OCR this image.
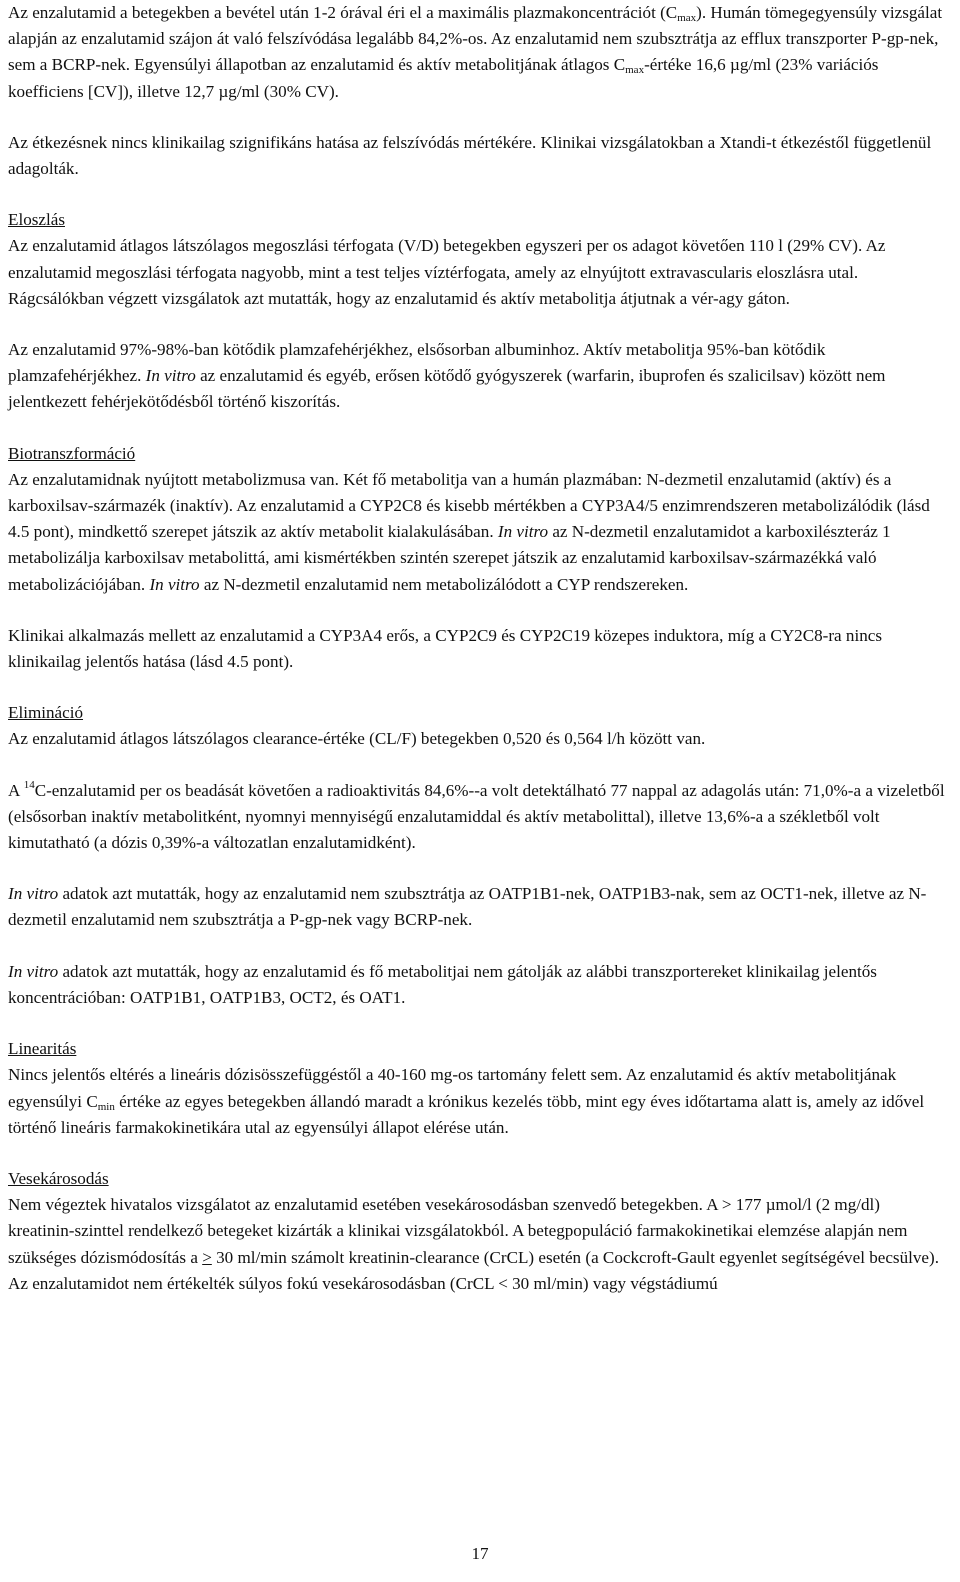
Az enzalutamid a betegekben a bevétel után 1-2 órával éri el a maximális plazmakoncentrációt $(C_{max})$. Humán tömegegyensúly vizsgálat alapján az enzalutamid szájon át való felszívódása legalább 84,2%-os. Az enzalutamid nem szubsztrátja az efflux transzporter P-gp-nek, sem a BCRP-nek. Egyensúlyi állapotban az enzalutamid és aktív metabolitjának átlagos $C_{max}$-értéke 16,6 µg/ml (23% variációs koefficiens [CV]), illetve 12,7 µg/ml (30% CV).

Az étkezésnek nincs klinikailag szignifikáns hatása az felszívódás mértékére. Klinikai vizsgálatokban a Xtandi-t étkezéstől függetlenül adagolták.

Eloszlás

Az enzalutamid átlagos látszólagos megoszlási térfogata (V/D) betegekben egyszeri per os adagot követően 110 l (29% CV). Az enzalutamid megoszlási térfogata nagyobb, mint a test teljes víztérfogata, amely az elnyújtott extravascularis eloszlásra utal. Rágcsálókban végzett vizsgálatok azt mutatták, hogy az enzalutamid és aktív metabolitja átjutnak a vér-agy gáton.

Az enzalutamid 97%-98%-ban kötődik plamzafehérjékhez, elsősorban albuminhoz. Aktív metabolitja 95%-ban kötődik plamzafehérjékhez. In vitro az enzalutamid és egyéb, erősen kötődő gyógyszerek (warfarin, ibuprofen és szalicilsav) között nem jelentkezett fehérjekötődésből történő kiszorítás.

Biotranszformáció

Az enzalutamidnak nyújtott metabolizmusa van. Két fő metabolitja van a humán plazmában: N-dezmetil enzalutamid (aktív) és a karboxilsav-származék (inaktív). Az enzalutamid a CYP2C8 és kisebb mértékben a CYP3A4/5 enzimrendszeren metabolizálódik (lásd 4.5 pont), mindkettő szerepet játszik az aktív metabolit kialakulásában. In vitro az N-dezmetil enzalutamidot a karboxilészteráz 1 metabolizálja karboxilsav metabolittá, ami kismértékben szintén szerepet játszik az enzalutamid karboxilsav-származékká való metabolizációjában. In vitro az N-dezmetil enzalutamid nem metabolizálódott a CYP rendszereken.

Klinikai alkalmazás mellett az enzalutamid a CYP3A4 erős, a CYP2C9 és CYP2C19 közepes induktora, míg a CY2C8-ra nincs klinikailag jelentős hatása (lásd 4.5 pont).

Elimináció

Az enzalutamid átlagos látszólagos clearance-értéke (CL/F) betegekben 0,520 és 0,564 l/h között van.

A $^{14}$C-enzalutamid per os beadását követően a radioaktivitás 84,6%--a volt detektálható 77 nappal az adagolás után: 71,0%-a a vizeletből (elsősorban inaktív metabolitként, nyomnyi mennyiségű enzalutamiddal és aktív metabolittal), illetve 13,6%-a a székletből volt kimutatható (a dózis 0,39%-a változatlan enzalutamidként).

In vitro adatok azt mutatták, hogy az enzalutamid nem szubsztrátja az OATP1B1-nek, OATP1B3-nak, sem az OCT1-nek, illetve az N-dezmetil enzalutamid nem szubsztrátja a P-gp-nek vagy BCRP-nek.

In vitro adatok azt mutatták, hogy az enzalutamid és fő metabolitjai nem gátolják az alábbi transzportereket klinikailag jelentős koncentrációban: OATP1B1, OATP1B3, OCT2, és OAT1.

Linearitás

Nincs jelentős eltérés a lineáris dózisösszefüggéstől a 40-160 mg-os tartomány felett sem. Az enzalutamid és aktív metabolitjának egyensúlyi $C_{min}$ értéke az egyes betegekben állandó maradt a krónikus kezelés több, mint egy éves időtartama alatt is, amely az idővel történő lineáris farmakokinetikára utal az egyensúlyi állapot elérése után.

Vesekárosodás

Nem végeztek hivatalos vizsgálatot az enzalutamid esetében vesekárosodásban szenvedő betegekben. A > 177 µmol/l (2 mg/dl) kreatinin-szinttel rendelkező betegeket kizárták a klinikai vizsgálatokból. A betegpopuláció farmakokinetikai elemzése alapján nem szükséges dózismódosítás a ≥ 30 ml/min számolt kreatinin-clearance (CrCL) esetén (a Cockcroft-Gault egyenlet segítségével becsülve). Az enzalutamidot nem értékelték súlyos fokú vesekárosodásban (CrCL < 30 ml/min) vagy végstádiumú

17
